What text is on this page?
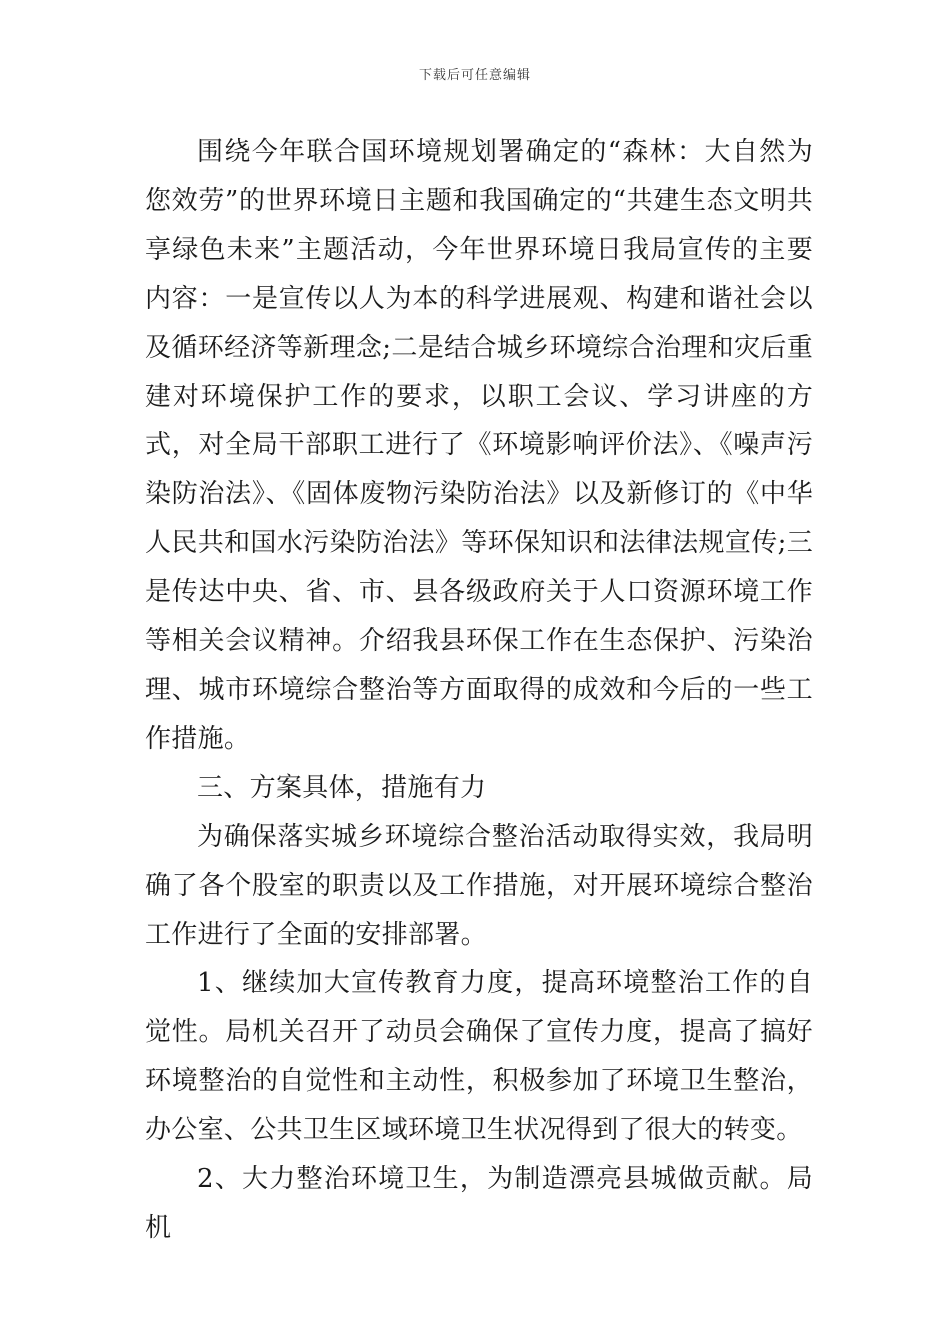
下载后可任意编辑

围绕今年联合国环境规划署确定的“森林：大自然为您效劳”的世界环境日主题和我国确定的“共建生态文明共享绿色未来”主题活动，今年世界环境日我局宣传的主要内容：一是宣传以人为本的科学进展观、构建和谐社会以及循环经济等新理念;二是结合城乡环境综合治理和灾后重建对环境保护工作的要求，以职工会议、学习讲座的方式，对全局干部职工进行了《环境影响评价法》、《噪声污染防治法》、《固体废物污染防治法》以及新修订的《中华人民共和国水污染防治法》等环保知识和法律法规宣传;三是传达中央、省、市、县各级政府关于人口资源环境工作等相关会议精神。介绍我县环保工作在生态保护、污染治理、城市环境综合整治等方面取得的成效和今后的一些工作措施。

三、方案具体，措施有力

为确保落实城乡环境综合整治活动取得实效，我局明确了各个股室的职责以及工作措施，对开展环境综合整治工作进行了全面的安排部署。

1、继续加大宣传教育力度，提高环境整治工作的自觉性。局机关召开了动员会确保了宣传力度，提高了搞好环境整治的自觉性和主动性，积极参加了环境卫生整治，办公室、公共卫生区域环境卫生状况得到了很大的转变。

2、大力整治环境卫生，为制造漂亮县城做贡献。局机
